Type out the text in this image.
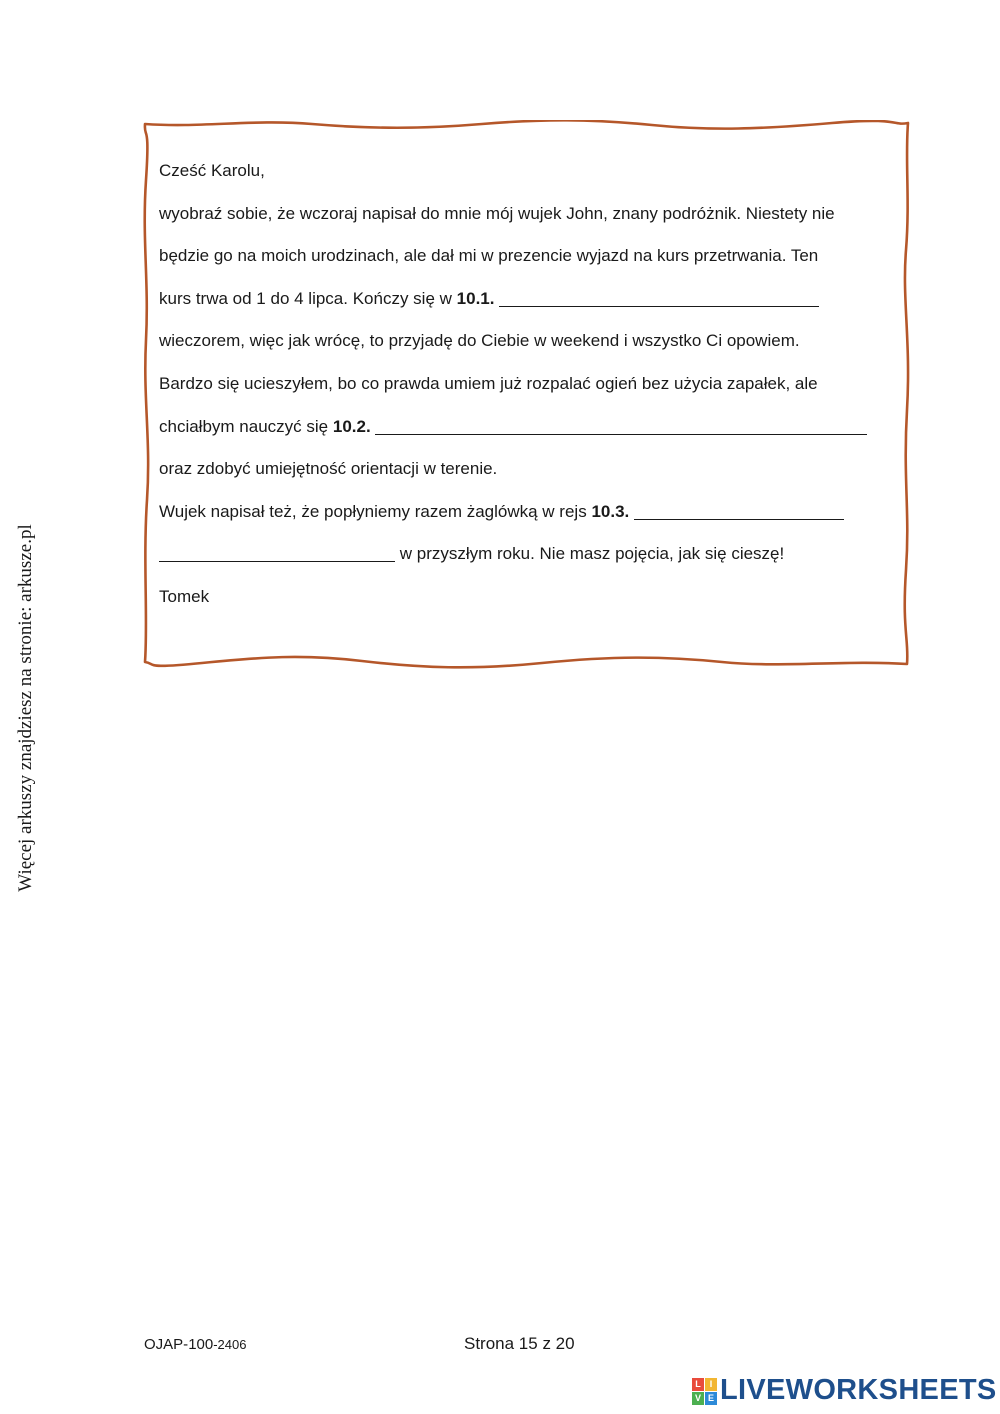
Więcej arkuszy znajdziesz na stronie: arkusze.pl
Cześć Karolu,
wyobraź sobie, że wczoraj napisał do mnie mój wujek John, znany podróżnik. Niestety nie
będzie go na moich urodzinach, ale dał mi w prezencie wyjazd na kurs przetrwania. Ten
kurs trwa od 1 do 4 lipca. Kończy się w 10.1.
wieczorem, więc jak wrócę, to przyjadę do Ciebie w weekend i wszystko Ci opowiem.
Bardzo się ucieszyłem, bo co prawda umiem już rozpalać ogień bez użycia zapałek, ale
chciałbym nauczyć się 10.2.
oraz zdobyć umiejętność orientacji w terenie.
Wujek napisał też, że popłyniemy razem żaglówką w rejs 10.3.
w przyszłym roku. Nie masz pojęcia, jak się cieszę!
Tomek
OJAP-100-2406	Strona 15 z 20
L I
V E LIVEWORKSHEETS
